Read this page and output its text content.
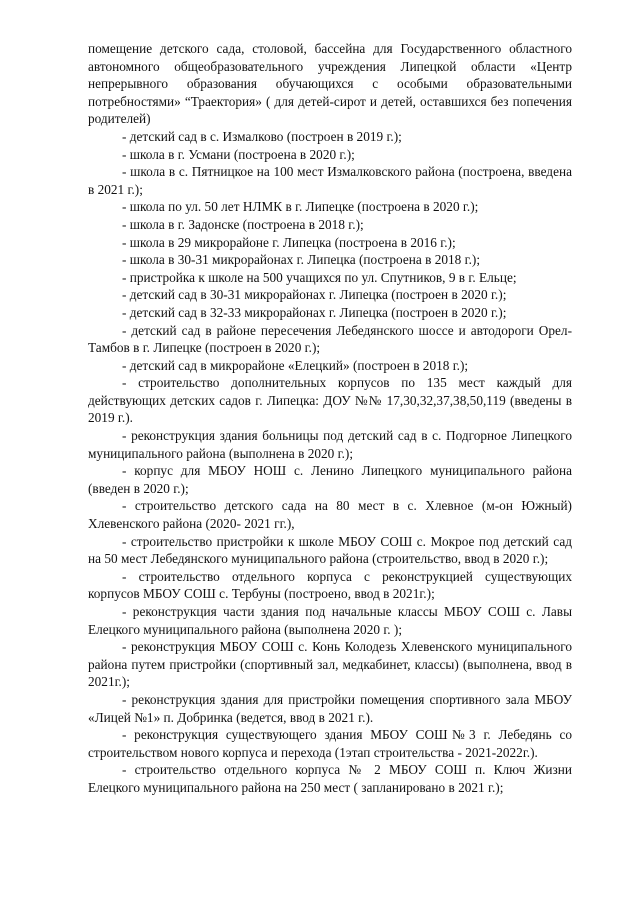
помещение детского сада, столовой, бассейна для Государственного областного автономного общеобразовательного учреждения Липецкой области «Центр непрерывного образования обучающихся с особыми образовательными потребностями» “Траектория» ( для детей-сирот и детей, оставшихся без попечения родителей)

- детский сад в с. Измалково (построен в 2019 г.);

- школа в г. Усмани (построена в 2020 г.);

- школа в с. Пятницкое на 100 мест Измалковского района (построена, введена в 2021 г.);

- школа по ул. 50 лет НЛМК в г. Липецке (построена в 2020 г.);

- школа в г. Задонске (построена в 2018 г.);

- школа в 29 микрорайоне г. Липецка (построена в 2016 г.);

- школа в 30-31 микрорайонах г. Липецка (построена в 2018 г.);

- пристройка к школе на 500 учащихся по ул. Спутников, 9 в г. Ельце;

- детский сад в 30-31 микрорайонах г. Липецка (построен в 2020 г.);

- детский сад в 32-33 микрорайонах г. Липецка (построен в 2020 г.);

- детский сад в районе пересечения Лебедянского шоссе и автодороги Орел-Тамбов в г. Липецке (построен в 2020 г.);

- детский сад в микрорайоне «Елецкий» (построен в 2018 г.);

- строительство дополнительных корпусов по 135 мест каждый для действующих детских садов г. Липецка: ДОУ №№ 17,30,32,37,38,50,119 (введены в 2019 г.).

- реконструкция здания больницы под детский сад в с. Подгорное Липецкого муниципального района (выполнена в 2020 г.);

- корпус для МБОУ НОШ с. Ленино Липецкого муниципального района (введен в 2020 г.);

- строительство детского сада на 80 мест в с. Хлевное (м-он Южный) Хлевенского района (2020- 2021 гг.),

- строительство пристройки к школе МБОУ СОШ с. Мокрое под детский сад на 50 мест Лебедянского муниципального района (строительство, ввод в 2020 г.);

- строительство отдельного корпуса с реконструкцией существующих корпусов МБОУ СОШ с. Тербуны (построено, ввод в 2021г.);

- реконструкция части здания под начальные классы МБОУ СОШ с. Лавы Елецкого муниципального района (выполнена 2020 г. );

- реконструкция МБОУ СОШ с. Конь Колодезь Хлевенского муниципального района путем пристройки (спортивный зал, медкабинет, классы) (выполнена, ввод в 2021г.);

- реконструкция здания для пристройки помещения спортивного зала МБОУ «Лицей №1» п. Добринка (ведется, ввод в 2021 г.).

- реконструкция существующего здания МБОУ СОШ№3 г. Лебедянь со строительством нового корпуса и перехода (1этап строительства - 2021-2022г.).

- строительство отдельного корпуса № 2 МБОУ СОШ п. Ключ Жизни Елецкого муниципального района на 250 мест ( запланировано в 2021 г.);
